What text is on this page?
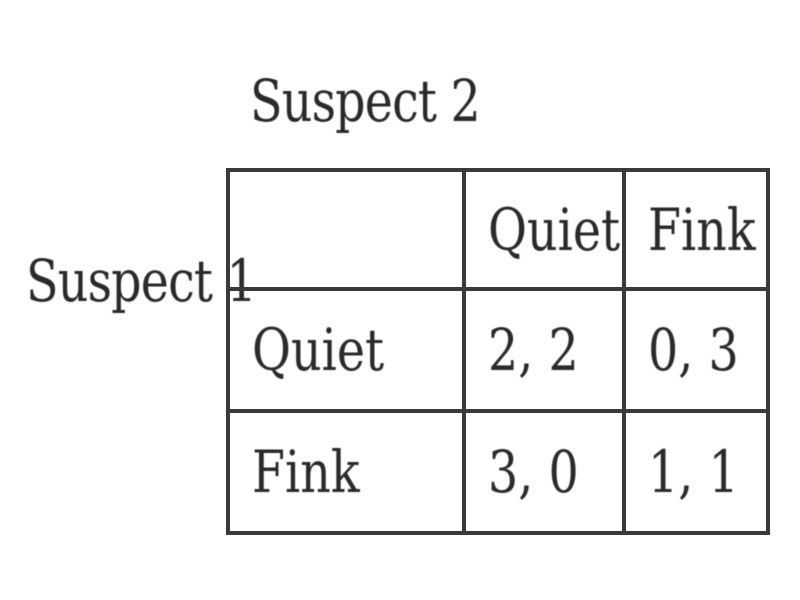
Suspect 2
Suspect 1
	Quiet	Fink
Quiet	2, 2	0, 3
Fink	3, 0	1, 1
